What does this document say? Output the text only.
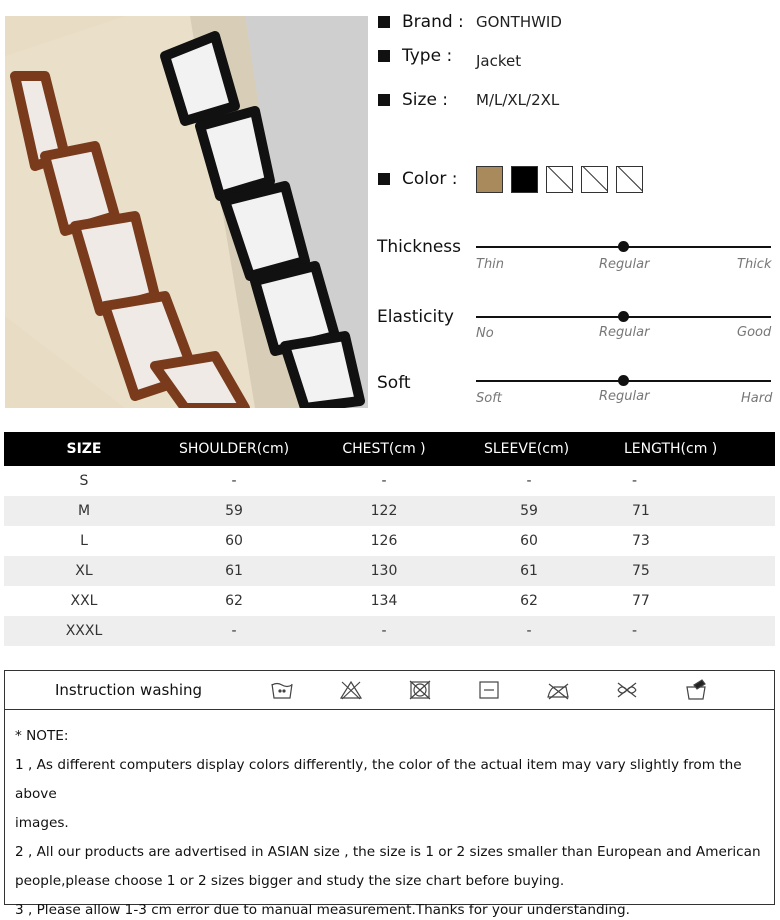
Brand : GONTHWID
Type : Jacket
Size : M/L/XL/2XL
Color :
Thickness
Thin	Regular	Thick
Elasticity
No	Regular	Good
Soft
Soft	Regular	Hard
SIZE	SHOULDER(cm)	CHEST(cm )	SLEEVE(cm)	LENGTH(cm )
S	-	-	-	-
M	59	122	59	71
L	60	126	60	73
XL	61	130	61	75
XXL	62	134	62	77
XXXL	-	-	-	-
Instruction washing

* NOTE:

1 , As different computers display colors differently, the color of the actual item may vary slightly from the above

images.

2 , All our products are advertised in ASIAN size , the size is 1 or 2 sizes smaller than European and American

people,please choose 1 or 2 sizes bigger and study the size chart before buying.

3 , Please allow 1-3 cm error due to manual measurement.Thanks for your understanding.
